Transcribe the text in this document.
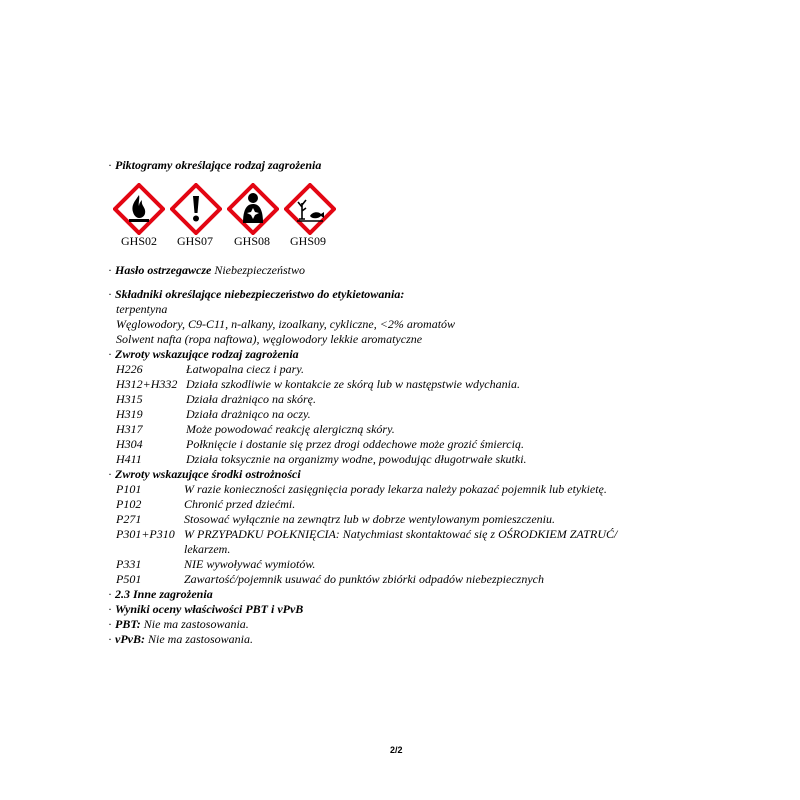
· Piktogramy określające rodzaj zagrożenia
GHS02 GHS07 GHS08 GHS09
· Hasło ostrzegawcze Niebezpieczeństwo
· Składniki określające niebezpieczeństwo do etykietowania:
terpentyna
Węglowodory, C9-C11, n-alkany, izoalkany, cykliczne, <2% aromatów
Solwent nafta (ropa naftowa), węglowodory lekkie aromatyczne
· Zwroty wskazujące rodzaj zagrożenia
H226	Łatwopalna ciecz i pary.
H312+H332 Działa szkodliwie w kontakcie ze skórą lub w następstwie wdychania.
H315	Działa drażniąco na skórę.
H319	Działa drażniąco na oczy.
H317	Może powodować reakcję alergiczną skóry.
H304	Połknięcie i dostanie się przez drogi oddechowe może grozić śmiercią.
H411	Działa toksycznie na organizmy wodne, powodując długotrwałe skutki.
· Zwroty wskazujące środki ostrożności
P101	W razie konieczności zasięgnięcia porady lekarza należy pokazać pojemnik lub etykietę.
P102	Chronić przed dziećmi.
P271	Stosować wyłącznie na zewnątrz lub w dobrze wentylowanym pomieszczeniu.
P301+P310 W PRZYPADKU POŁKNIĘCIA: Natychmiast skontaktować się z OŚRODKIEM ZATRUĆ/
lekarzem.
P331	NIE wywoływać wymiotów.
P501	Zawartość/pojemnik usuwać do punktów zbiórki odpadów niebezpiecznych
· 2.3 Inne zagrożenia
· Wyniki oceny właściwości PBT i vPvB
· PBT: Nie ma zastosowania.
· vPvB: Nie ma zastosowania.
2/2
